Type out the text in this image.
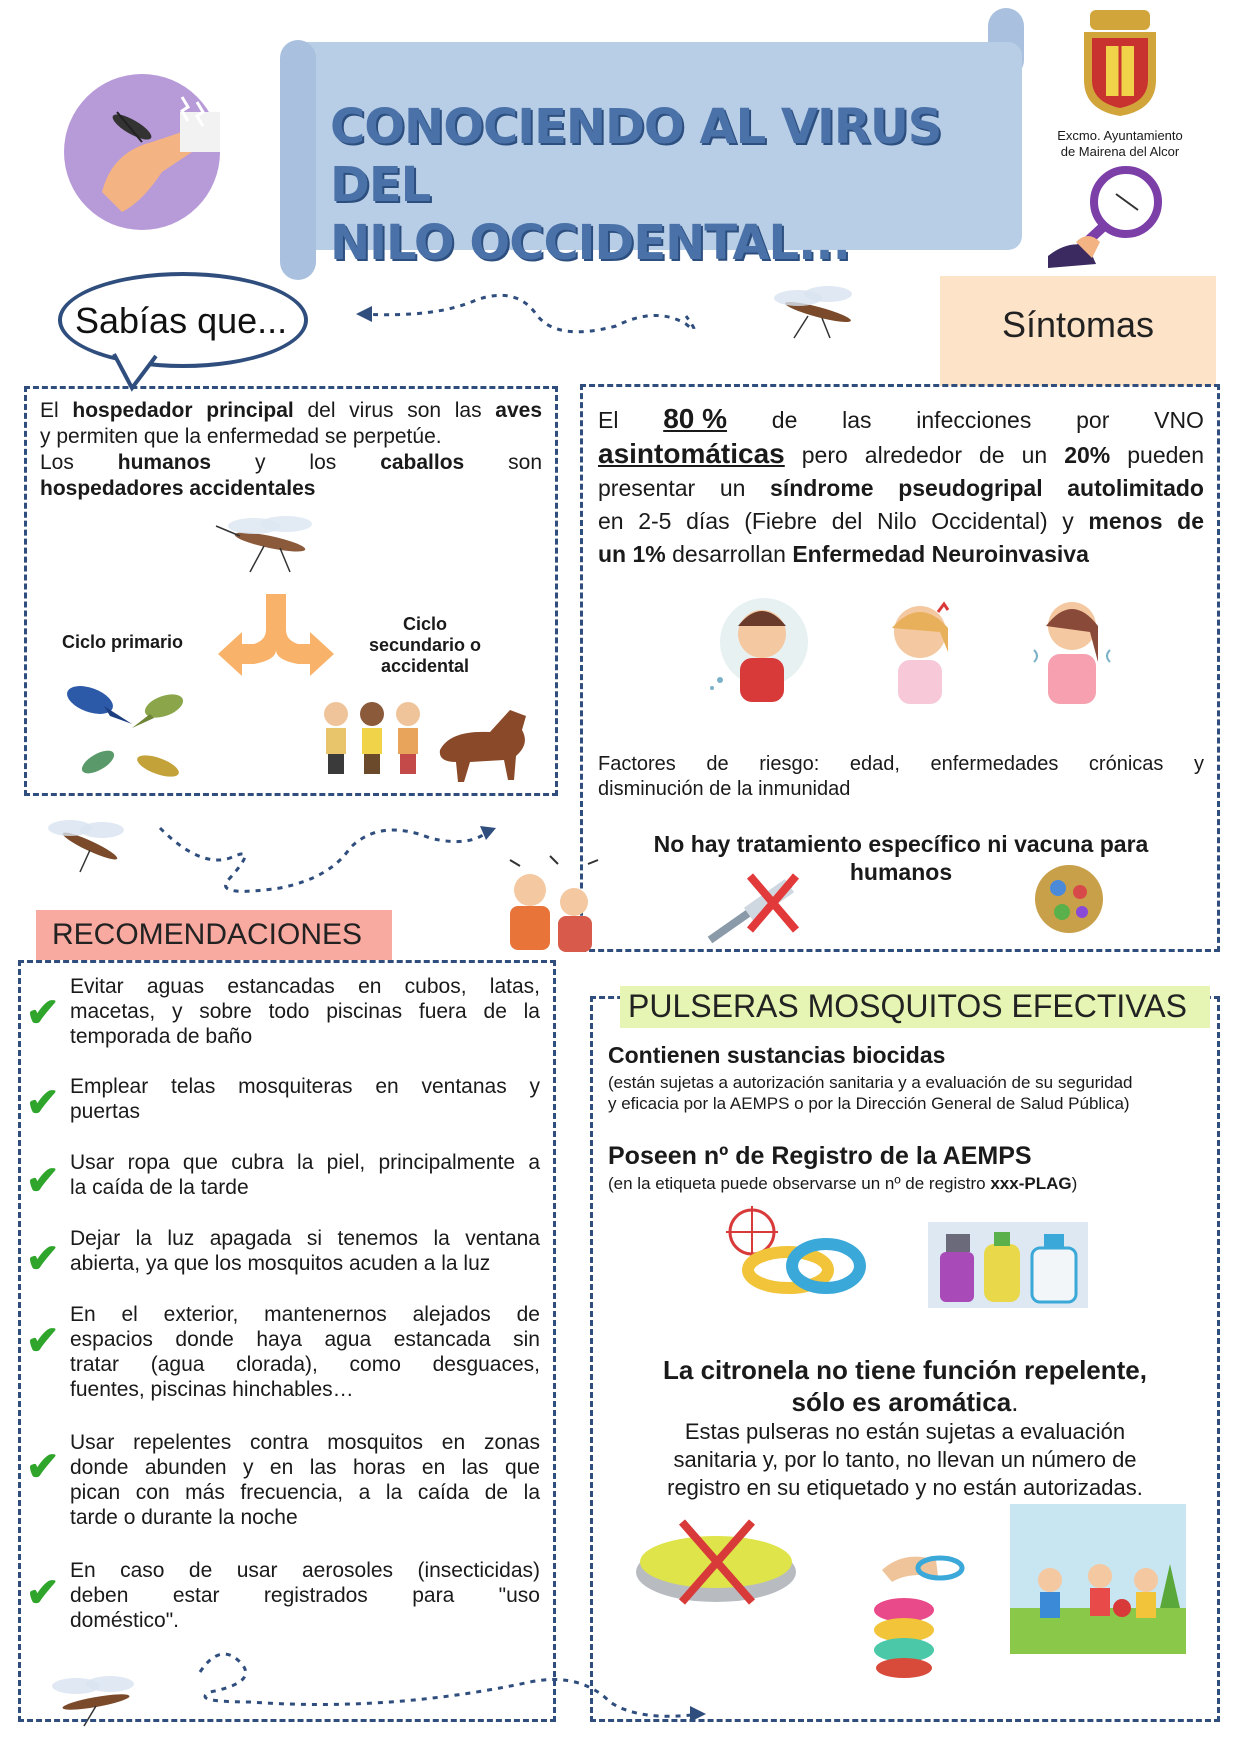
CONOCIENDO AL VIRUS DEL
NILO OCCIDENTAL...
Excmo. Ayuntamiento
de Mairena del Alcor
Sabías que...
El hospedador principal del virus son las aves
y permiten que la enfermedad se perpetúe.
Los humanos y los caballos son
hospedadores accidentales
Ciclo primario
Ciclo
secundario o
accidental
Síntomas
El 80 % de las infecciones por VNO
asintomáticas pero alrededor de un 20% pueden
presentar un síndrome pseudogripal autolimitado
en 2-5 días (Fiebre del Nilo Occidental) y menos de
un 1% desarrollan Enfermedad Neuroinvasiva
Factores de riesgo: edad, enfermedades crónicas y
disminución de la inmunidad
No hay tratamiento específico ni vacuna para
humanos
RECOMENDACIONES
✔
Evitar aguas estancadas en cubos, latas,
macetas, y sobre todo piscinas fuera de la
temporada de baño
✔ Emplear telas mosquiteras en ventanas y
puertas
✔ Usar ropa que cubra la piel, principalmente a
la caída de la tarde
✔ Dejar la luz apagada si tenemos la ventana
abierta, ya que los mosquitos acuden a la luz
✔
En el exterior, mantenernos alejados de
espacios donde haya agua estancada sin
tratar (agua clorada), como desguaces,
fuentes, piscinas hinchables…
✔
Usar repelentes contra mosquitos en zonas
donde abunden y en las horas en las que
pican con más frecuencia, a la caída de la
tarde o durante la noche
✔
En caso de usar aerosoles (insecticidas)
deben estar registrados para "uso
doméstico".
PULSERAS MOSQUITOS EFECTIVAS
Contienen sustancias biocidas
(están sujetas a autorización sanitaria y a evaluación de su seguridad
y eficacia por la AEMPS o por la Dirección General de Salud Pública)
Poseen nº de Registro de la AEMPS
(en la etiqueta puede observarse un nº de registro xxx-PLAG)
La citronela no tiene función repelente,
sólo es aromática.
Estas pulseras no están sujetas a evaluación
sanitaria y, por lo tanto, no llevan un número de
registro en su etiquetado y no están autorizadas.
